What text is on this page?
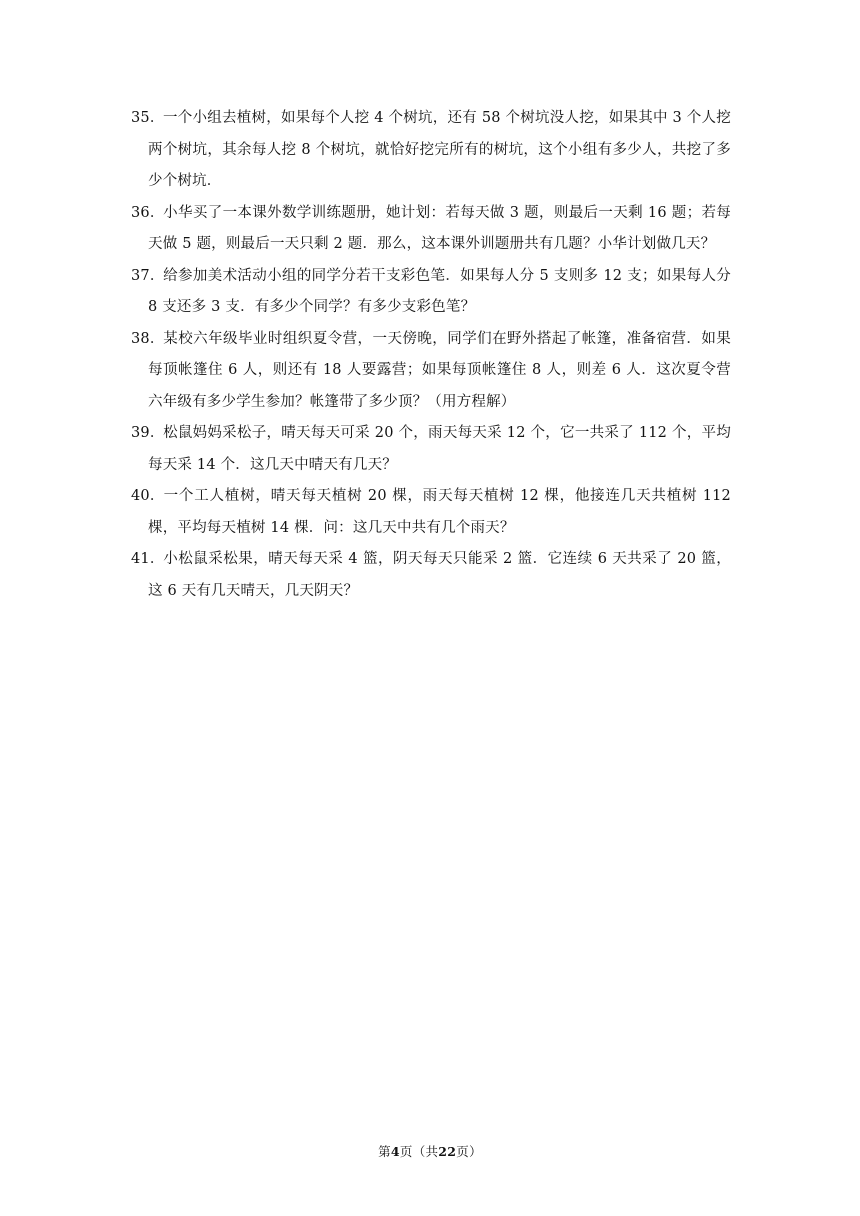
35．一个小组去植树，如果每个人挖 4 个树坑，还有 58 个树坑没人挖，如果其中 3 个人挖两个树坑，其余每人挖 8 个树坑，就恰好挖完所有的树坑，这个小组有多少人，共挖了多少个树坑．

36．小华买了一本课外数学训练题册，她计划：若每天做 3 题，则最后一天剩 16 题；若每天做 5 题，则最后一天只剩 2 题．那么，这本课外训题册共有几题？小华计划做几天？

37．给参加美术活动小组的同学分若干支彩色笔．如果每人分 5 支则多 12 支；如果每人分 8 支还多 3 支．有多少个同学？有多少支彩色笔？

38．某校六年级毕业时组织夏令营，一天傍晚，同学们在野外搭起了帐篷，准备宿营．如果每顶帐篷住 6 人，则还有 18 人要露营；如果每顶帐篷住 8 人，则差 6 人．这次夏令营六年级有多少学生参加？帐篷带了多少顶？（用方程解）

39．松鼠妈妈采松子，晴天每天可采 20 个，雨天每天采 12 个，它一共采了 112 个，平均每天采 14 个．这几天中晴天有几天？

40．一个工人植树，晴天每天植树 20 棵，雨天每天植树 12 棵，他接连几天共植树 112 棵，平均每天植树 14 棵．问：这几天中共有几个雨天？

41．小松鼠采松果，晴天每天采 4 篮，阴天每天只能采 2 篮．它连续 6 天共采了 20 篮，这 6 天有几天晴天，几天阴天？

第4页（共22页）
